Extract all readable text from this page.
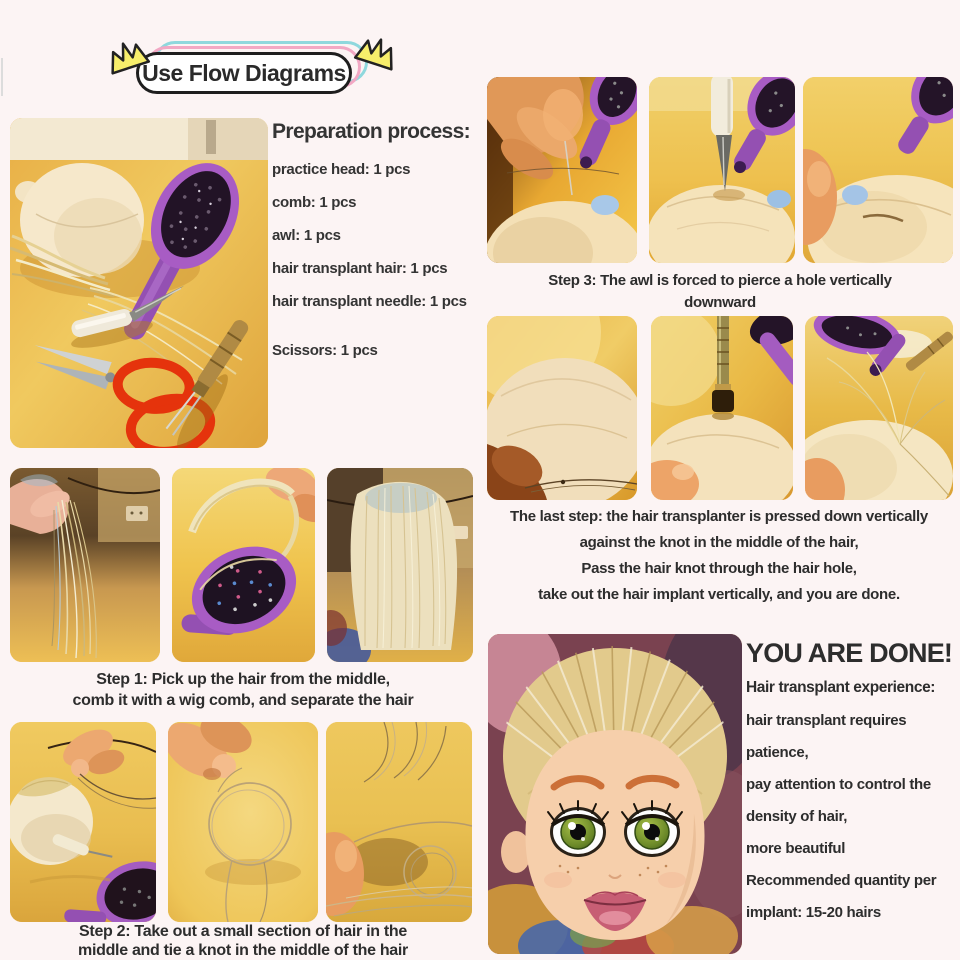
Use Flow Diagrams
Preparation process:
practice head: 1 pcs
comb: 1 pcs
awl: 1 pcs
hair transplant hair: 1 pcs
hair transplant needle: 1 pcs
Scissors: 1 pcs
Step 3: The awl is forced to pierce a hole vertically
downward
The last step: the hair transplanter is pressed down vertically
against the knot in the middle of the hair,
Pass the hair knot through the hair hole,
take out the hair implant vertically, and you are done.
Step 1: Pick up the hair from the middle,
comb it with a wig comb, and separate the hair
Step 2: Take out a small section of hair in the
middle and tie a knot in the middle of the hair
YOU ARE DONE!
Hair transplant experience:
hair transplant requires
patience,
pay attention to control the
density of hair,
more beautiful
Recommended quantity per
implant: 15-20 hairs
